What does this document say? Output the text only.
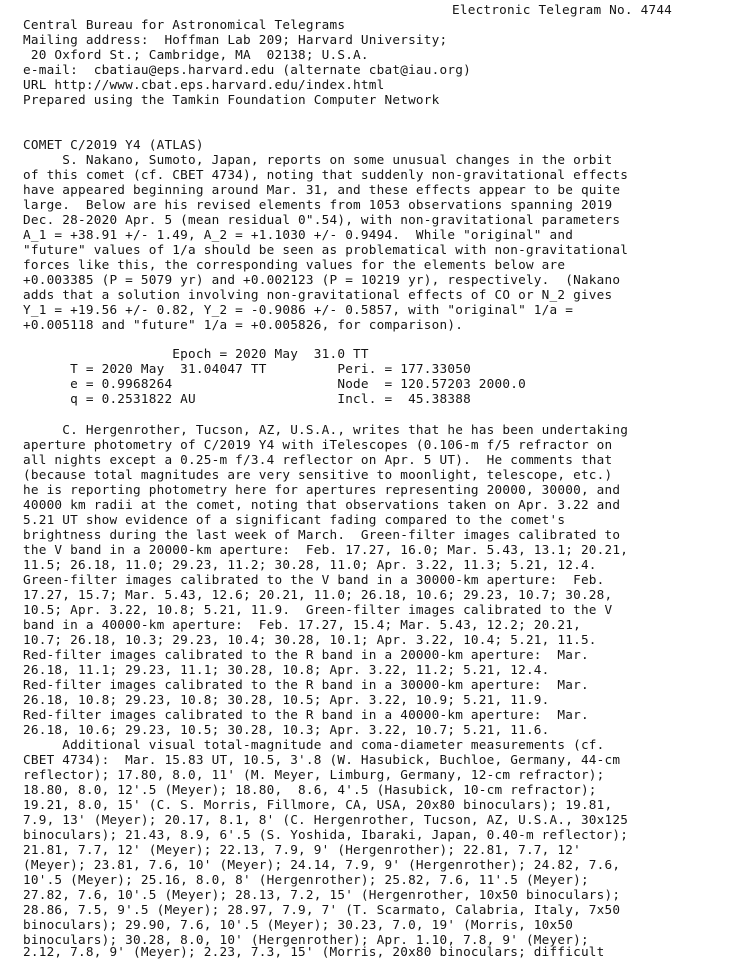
Electronic Telegram No. 4744
Central Bureau for Astronomical Telegrams
Mailing address:  Hoffman Lab 209; Harvard University;
20 Oxford St.; Cambridge, MA  02138; U.S.A.
e-mail:  cbatiau@eps.harvard.edu (alternate cbat@iau.org)
URL http://www.cbat.eps.harvard.edu/index.html
Prepared using the Tamkin Foundation Computer Network
COMET C/2019 Y4 (ATLAS)
S. Nakano, Sumoto, Japan, reports on some unusual changes in the orbit
of this comet (cf. CBET 4734), noting that suddenly non-gravitational effects
have appeared beginning around Mar. 31, and these effects appear to be quite
large.  Below are his revised elements from 1053 observations spanning 2019
Dec. 28-2020 Apr. 5 (mean residual 0".54), with non-gravitational parameters
A_1 = +38.91 +/- 1.49, A_2 = +1.1030 +/- 0.9494.  While "original" and
"future" values of 1/a should be seen as problematical with non-gravitational
forces like this, the corresponding values for the elements below are
+0.003385 (P = 5079 yr) and +0.002123 (P = 10219 yr), respectively.  (Nakano
adds that a solution involving non-gravitational effects of CO or N_2 gives
Y_1 = +19.56 +/- 0.82, Y_2 = -0.9086 +/- 0.5857, with "original" 1/a =
+0.005118 and "future" 1/a = +0.005826, for comparison).
Epoch = 2020 May  31.0 TT
T = 2020 May  31.04047 TT         Peri. = 177.33050
e = 0.9968264                     Node  = 120.57203 2000.0
q = 0.2531822 AU                  Incl. =  45.38388
C. Hergenrother, Tucson, AZ, U.S.A., writes that he has been undertaking
aperture photometry of C/2019 Y4 with iTelescopes (0.106-m f/5 refractor on
all nights except a 0.25-m f/3.4 reflector on Apr. 5 UT).  He comments that
(because total magnitudes are very sensitive to moonlight, telescope, etc.)
he is reporting photometry here for apertures representing 20000, 30000, and
40000 km radii at the comet, noting that observations taken on Apr. 3.22 and
5.21 UT show evidence of a significant fading compared to the comet's
brightness during the last week of March.  Green-filter images calibrated to
the V band in a 20000-km aperture:  Feb. 17.27, 16.0; Mar. 5.43, 13.1; 20.21,
11.5; 26.18, 11.0; 29.23, 11.2; 30.28, 11.0; Apr. 3.22, 11.3; 5.21, 12.4.
Green-filter images calibrated to the V band in a 30000-km aperture:  Feb.
17.27, 15.7; Mar. 5.43, 12.6; 20.21, 11.0; 26.18, 10.6; 29.23, 10.7; 30.28,
10.5; Apr. 3.22, 10.8; 5.21, 11.9.  Green-filter images calibrated to the V
band in a 40000-km aperture:  Feb. 17.27, 15.4; Mar. 5.43, 12.2; 20.21,
10.7; 26.18, 10.3; 29.23, 10.4; 30.28, 10.1; Apr. 3.22, 10.4; 5.21, 11.5.
Red-filter images calibrated to the R band in a 20000-km aperture:  Mar.
26.18, 11.1; 29.23, 11.1; 30.28, 10.8; Apr. 3.22, 11.2; 5.21, 12.4.
Red-filter images calibrated to the R band in a 30000-km aperture:  Mar.
26.18, 10.8; 29.23, 10.8; 30.28, 10.5; Apr. 3.22, 10.9; 5.21, 11.9.
Red-filter images calibrated to the R band in a 40000-km aperture:  Mar.
26.18, 10.6; 29.23, 10.5; 30.28, 10.3; Apr. 3.22, 10.7; 5.21, 11.6.
Additional visual total-magnitude and coma-diameter measurements (cf.
CBET 4734):  Mar. 15.83 UT, 10.5, 3'.8 (W. Hasubick, Buchloe, Germany, 44-cm
reflector); 17.80, 8.0, 11' (M. Meyer, Limburg, Germany, 12-cm refractor);
18.80, 8.0, 12'.5 (Meyer); 18.80,  8.6, 4'.5 (Hasubick, 10-cm refractor);
19.21, 8.0, 15' (C. S. Morris, Fillmore, CA, USA, 20x80 binoculars); 19.81,
7.9, 13' (Meyer); 20.17, 8.1, 8' (C. Hergenrother, Tucson, AZ, U.S.A., 30x125
binoculars); 21.43, 8.9, 6'.5 (S. Yoshida, Ibaraki, Japan, 0.40-m reflector);
21.81, 7.7, 12' (Meyer); 22.13, 7.9, 9' (Hergenrother); 22.81, 7.7, 12'
(Meyer); 23.81, 7.6, 10' (Meyer); 24.14, 7.9, 9' (Hergenrother); 24.82, 7.6,
10'.5 (Meyer); 25.16, 8.0, 8' (Hergenrother); 25.82, 7.6, 11'.5 (Meyer);
27.82, 7.6, 10'.5 (Meyer); 28.13, 7.2, 15' (Hergenrother, 10x50 binoculars);
28.86, 7.5, 9'.5 (Meyer); 28.97, 7.9, 7' (T. Scarmato, Calabria, Italy, 7x50
binoculars); 29.90, 7.6, 10'.5 (Meyer); 30.23, 7.0, 19' (Morris, 10x50
binoculars); 30.28, 8.0, 10' (Hergenrother); Apr. 1.10, 7.8, 9' (Meyer);
2.12, 7.8, 9' (Meyer); 2.23, 7.3, 15' (Morris, 20x80 binoculars; difficult
